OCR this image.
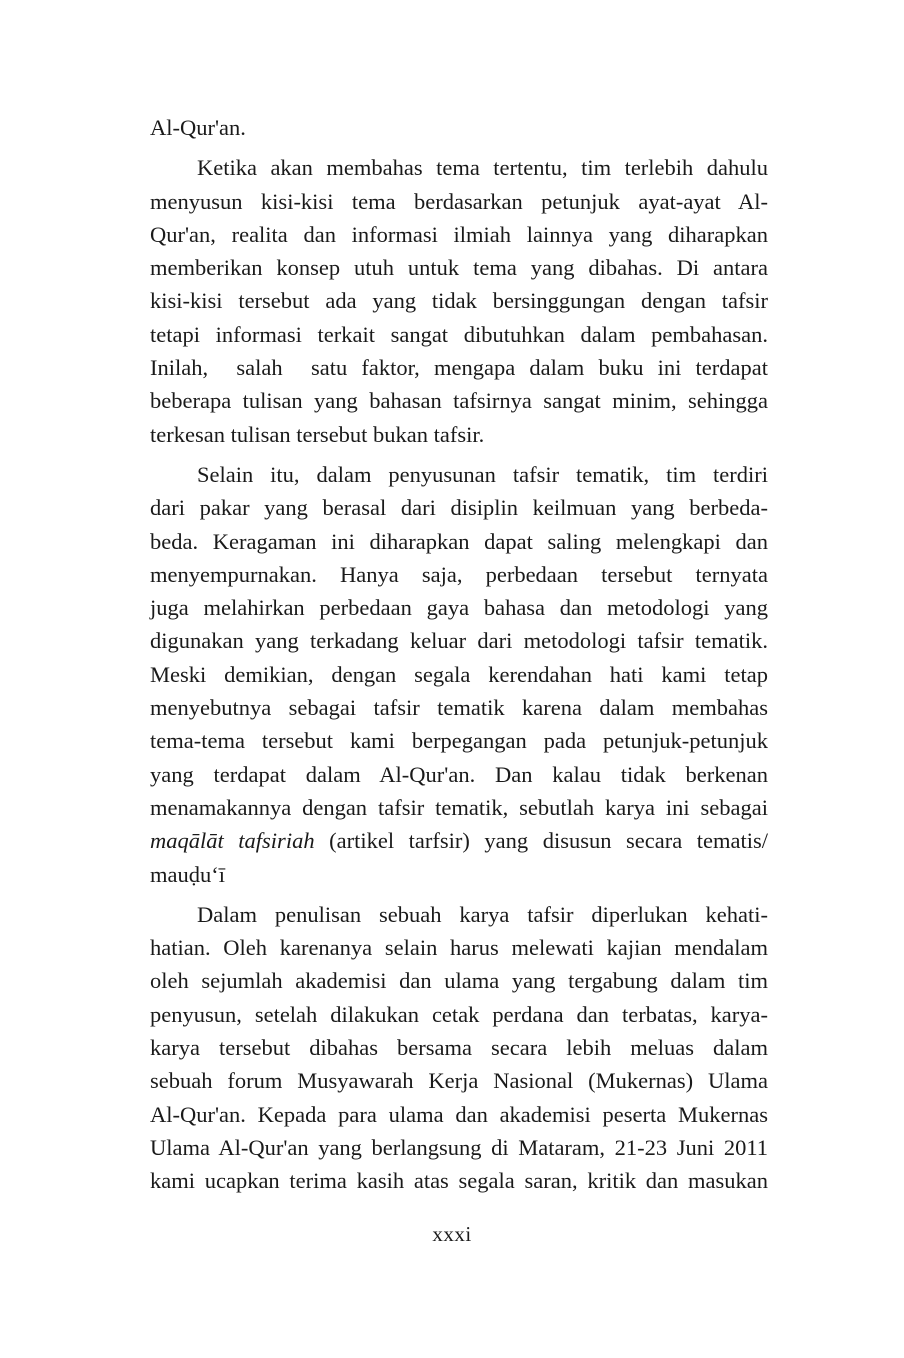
Al-Qur'an.
Ketika akan membahas tema tertentu, tim terlebih dahulu
menyusun kisi-kisi tema berdasarkan petunjuk ayat-ayat Al-
Qur'an, realita dan informasi ilmiah lainnya yang diharapkan
memberikan konsep utuh untuk tema yang dibahas. Di antara
kisi-kisi tersebut ada yang tidak bersinggungan dengan tafsir
tetapi informasi terkait sangat dibutuhkan dalam pembahasan.
Inilah,  salah  satu faktor, mengapa dalam buku ini terdapat
beberapa tulisan yang bahasan tafsirnya sangat minim, sehingga
terkesan tulisan tersebut bukan tafsir.
Selain itu, dalam penyusunan tafsir tematik, tim terdiri
dari pakar yang berasal dari disiplin keilmuan yang berbeda-
beda. Keragaman ini diharapkan dapat saling melengkapi dan
menyempurnakan. Hanya saja, perbedaan tersebut ternyata
juga melahirkan perbedaan gaya bahasa dan metodologi yang
digunakan yang terkadang keluar dari metodologi tafsir tematik.
Meski demikian, dengan segala kerendahan hati kami tetap
menyebutnya sebagai tafsir tematik karena dalam membahas
tema-tema tersebut kami berpegangan pada petunjuk-petunjuk
yang terdapat dalam Al-Qur'an. Dan kalau tidak berkenan
menamakannya dengan tafsir tematik, sebutlah karya ini sebagai
maqālāt tafsiriah (artikel tarfsir) yang disusun secara tematis/
mauḍu‘ī
Dalam penulisan sebuah karya tafsir diperlukan kehati-
hatian. Oleh karenanya selain harus melewati kajian mendalam
oleh sejumlah akademisi dan ulama yang tergabung dalam tim
penyusun, setelah dilakukan cetak perdana dan terbatas, karya-
karya tersebut dibahas bersama secara lebih meluas dalam
sebuah forum Musyawarah Kerja Nasional (Mukernas) Ulama
Al-Qur'an. Kepada para ulama dan akademisi peserta Mukernas
Ulama Al-Qur'an yang berlangsung di Mataram, 21-23 Juni 2011
kami ucapkan terima kasih atas segala saran, kritik dan masukan
xxxi
